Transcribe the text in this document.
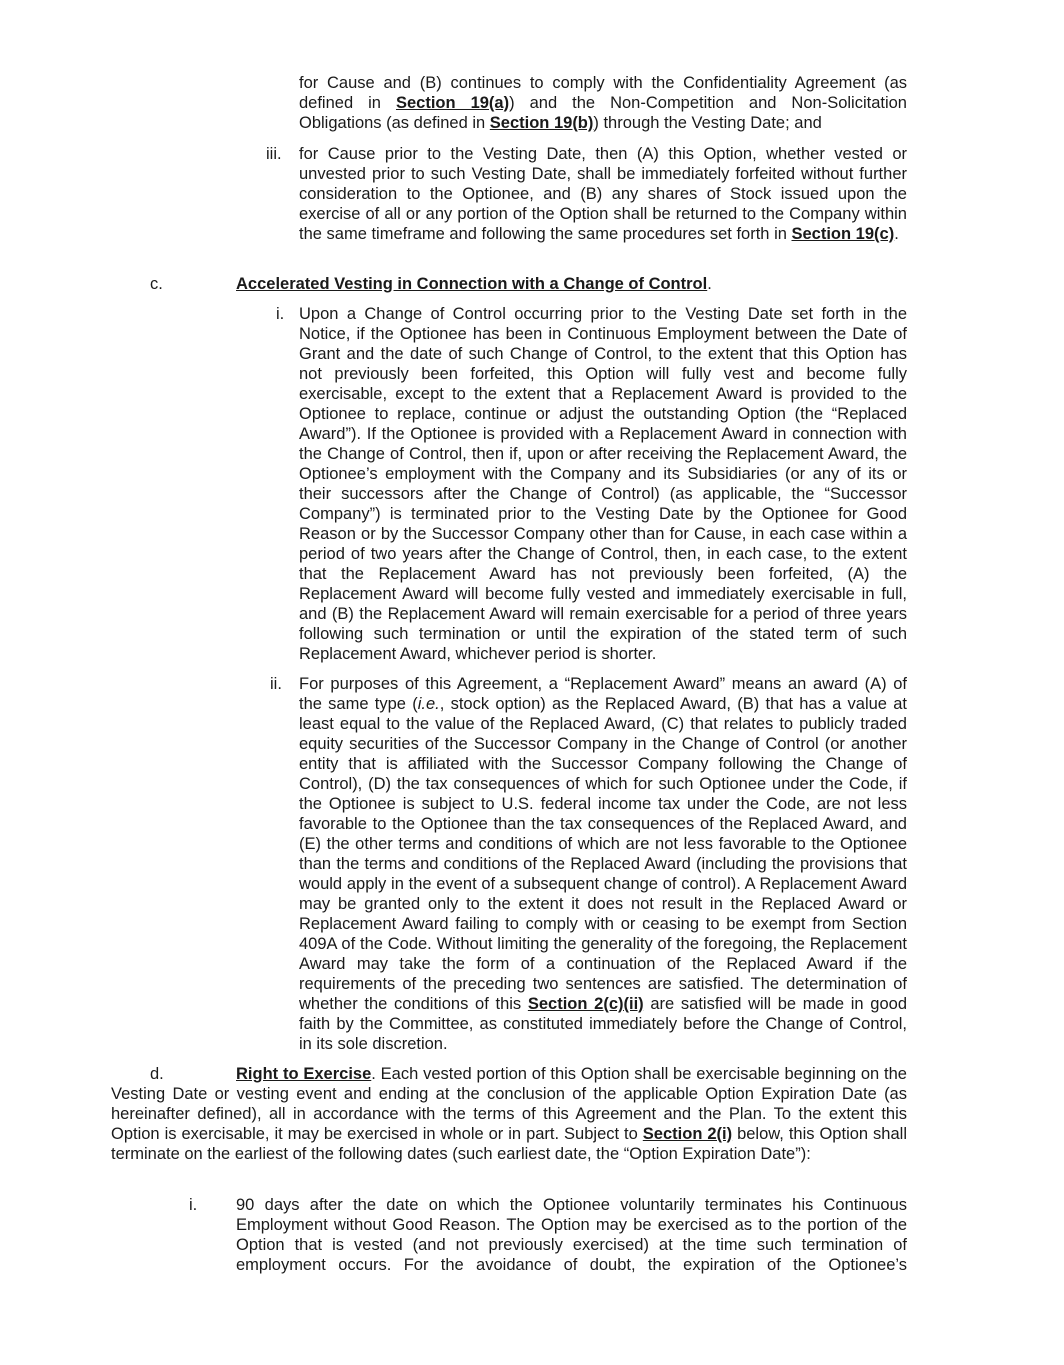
for Cause and (B) continues to comply with the Confidentiality Agreement (as defined in Section 19(a)) and the Non-Competition and Non-Solicitation Obligations (as defined in Section 19(b)) through the Vesting Date; and

iii. for Cause prior to the Vesting Date, then (A) this Option, whether vested or unvested prior to such Vesting Date, shall be immediately forfeited without further consideration to the Optionee, and (B) any shares of Stock issued upon the exercise of all or any portion of the Option shall be returned to the Company within the same timeframe and following the same procedures set forth in Section 19(c).

c.	Accelerated Vesting in Connection with a Change of Control.

i. Upon a Change of Control occurring prior to the Vesting Date set forth in the Notice, if the Optionee has been in Continuous Employment between the Date of Grant and the date of such Change of Control, to the extent that this Option has not previously been forfeited, this Option will fully vest and become fully exercisable, except to the extent that a Replacement Award is provided to the Optionee to replace, continue or adjust the outstanding Option (the “Replaced Award”). If the Optionee is provided with a Replacement Award in connection with the Change of Control, then if, upon or after receiving the Replacement Award, the Optionee’s employment with the Company and its Subsidiaries (or any of its or their successors after the Change of Control) (as applicable, the “Successor Company”) is terminated prior to the Vesting Date by the Optionee for Good Reason or by the Successor Company other than for Cause, in each case within a period of two years after the Change of Control, then, in each case, to the extent that the Replacement Award has not previously been forfeited, (A) the Replacement Award will become fully vested and immediately exercisable in full, and (B) the Replacement Award will remain exercisable for a period of three years following such termination or until the expiration of the stated term of such Replacement Award, whichever period is shorter.

ii. For purposes of this Agreement, a “Replacement Award” means an award (A) of the same type (i.e., stock option) as the Replaced Award, (B) that has a value at least equal to the value of the Replaced Award, (C) that relates to publicly traded equity securities of the Successor Company in the Change of Control (or another entity that is affiliated with the Successor Company following the Change of Control), (D) the tax consequences of which for such Optionee under the Code, if the Optionee is subject to U.S. federal income tax under the Code, are not less favorable to the Optionee than the tax consequences of the Replaced Award, and (E) the other terms and conditions of which are not less favorable to the Optionee than the terms and conditions of the Replaced Award (including the provisions that would apply in the event of a subsequent change of control). A Replacement Award may be granted only to the extent it does not result in the Replaced Award or Replacement Award failing to comply with or ceasing to be exempt from Section 409A of the Code. Without limiting the generality of the foregoing, the Replacement Award may take the form of a continuation of the Replaced Award if the requirements of the preceding two sentences are satisfied. The determination of whether the conditions of this Section 2(c)(ii) are satisfied will be made in good faith by the Committee, as constituted immediately before the Change of Control, in its sole discretion.

d.	Right to Exercise. Each vested portion of this Option shall be exercisable beginning on the Vesting Date or vesting event and ending at the conclusion of the applicable Option Expiration Date (as hereinafter defined), all in accordance with the terms of this Agreement and the Plan. To the extent this Option is exercisable, it may be exercised in whole or in part. Subject to Section 2(i) below, this Option shall terminate on the earliest of the following dates (such earliest date, the “Option Expiration Date”):

i. 90 days after the date on which the Optionee voluntarily terminates his Continuous Employment without Good Reason. The Option may be exercised as to the portion of the Option that is vested (and not previously exercised) at the time such termination of employment occurs. For the avoidance of doubt, the expiration of the Optionee’s
